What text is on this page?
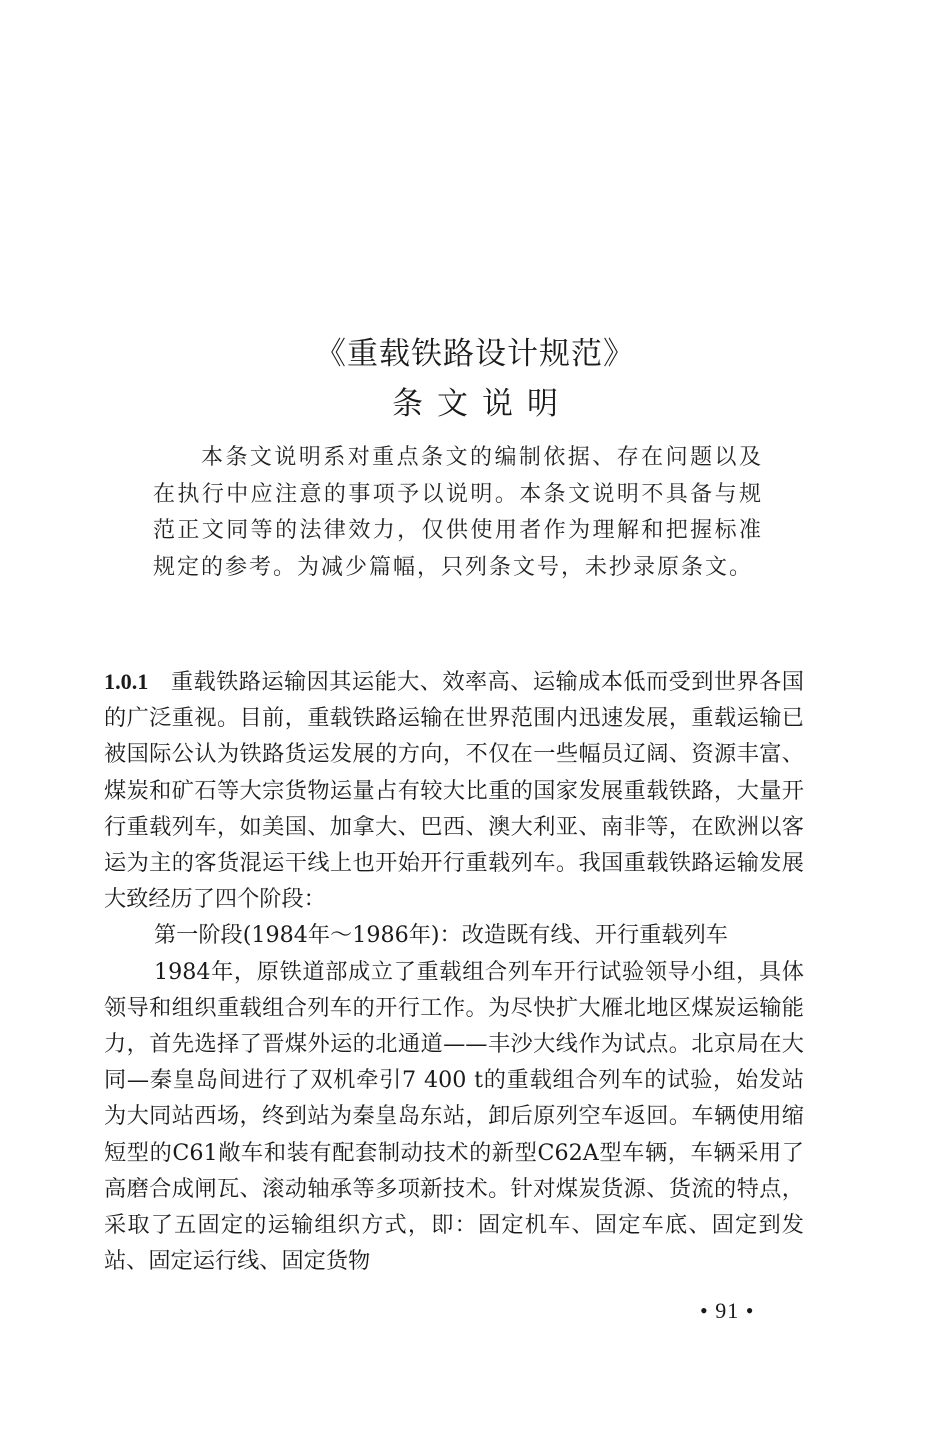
《重载铁路设计规范》
条文说明

本条文说明系对重点条文的编制依据、存在问题以及在执行中应注意的事项予以说明。本条文说明不具备与规范正文同等的法律效力，仅供使用者作为理解和把握标准规定的参考。为减少篇幅，只列条文号，未抄录原条文。

1.0.1 重载铁路运输因其运能大、效率高、运输成本低而受到世界各国的广泛重视。目前，重载铁路运输在世界范围内迅速发展，重载运输已被国际公认为铁路货运发展的方向，不仅在一些幅员辽阔、资源丰富、煤炭和矿石等大宗货物运量占有较大比重的国家发展重载铁路，大量开行重载列车，如美国、加拿大、巴西、澳大利亚、南非等，在欧洲以客运为主的客货混运干线上也开始开行重载列车。我国重载铁路运输发展大致经历了四个阶段：

第一阶段(1984年～1986年)：改造既有线、开行重载列车

1984年，原铁道部成立了重载组合列车开行试验领导小组，具体领导和组织重载组合列车的开行工作。为尽快扩大雁北地区煤炭运输能力，首先选择了晋煤外运的北通道——丰沙大线作为试点。北京局在大同—秦皇岛间进行了双机牵引7 400 t的重载组合列车的试验，始发站为大同站西场，终到站为秦皇岛东站，卸后原列空车返回。车辆使用缩短型的C61敞车和装有配套制动技术的新型C62A型车辆，车辆采用了高磨合成闸瓦、滚动轴承等多项新技术。针对煤炭货源、货流的特点，采取了五固定的运输组织方式，即：固定机车、固定车底、固定到发站、固定运行线、固定货物

• 91 •
